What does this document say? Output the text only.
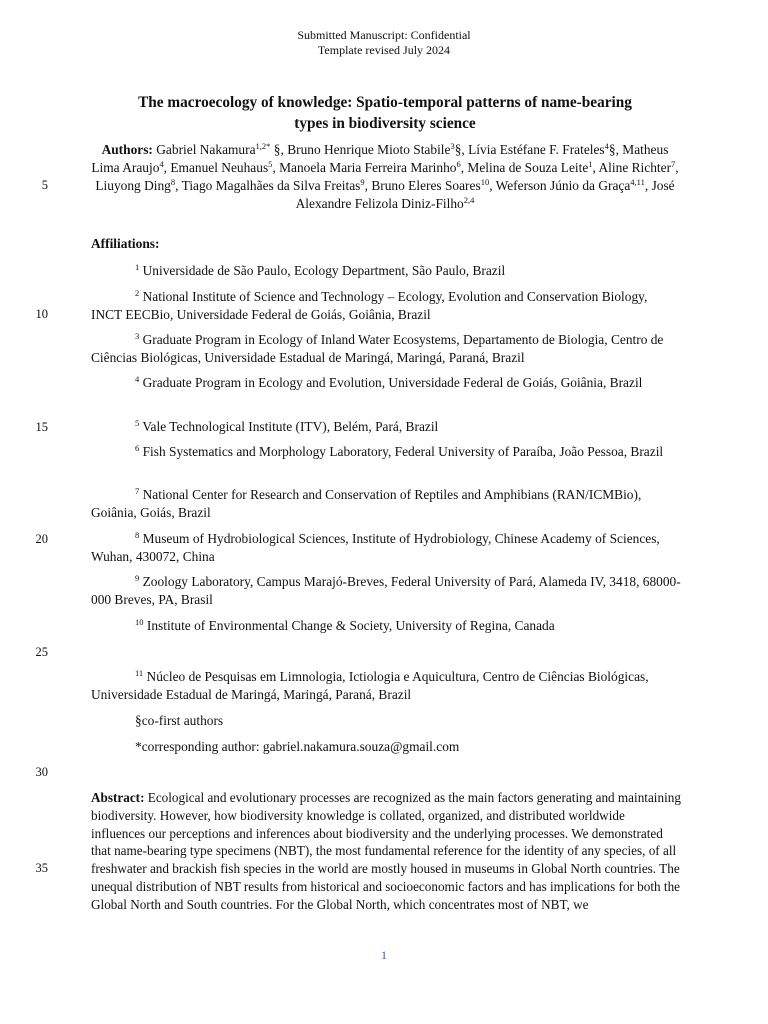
Submitted Manuscript: Confidential
Template revised July 2024
The macroecology of knowledge: Spatio-temporal patterns of name-bearing
types in biodiversity science
Authors: Gabriel Nakamura$^{1,2*}$ §, Bruno Henrique Mioto Stabile$^3$§, Lívia Estéfane F. Frateles$^4$§, Matheus Lima Araujo$^4$, Emanuel Neuhaus$^5$, Manoela Maria Ferreira Marinho$^6$, Melina de Souza Leite$^1$, Aline Richter$^7$, Liuyong Ding$^8$, Tiago Magalhães da Silva Freitas$^9$, Bruno Eleres Soares$^{10}$, Weferson Júnio da Graça$^{4,11}$, José Alexandre Felizola Diniz-Filho$^{2,4}$
5
10
15
20
25
30
35
Affiliations:
$^1$ Universidade de São Paulo, Ecology Department, São Paulo, Brazil
$^2$ National Institute of Science and Technology – Ecology, Evolution and Conservation Biology, INCT EECBio, Universidade Federal de Goiás, Goiânia, Brazil
$^3$ Graduate Program in Ecology of Inland Water Ecosystems, Departamento de Biologia, Centro de Ciências Biológicas, Universidade Estadual de Maringá, Maringá, Paraná, Brazil
$^4$ Graduate Program in Ecology and Evolution, Universidade Federal de Goiás, Goiânia, Brazil
$^5$ Vale Technological Institute (ITV), Belém, Pará, Brazil
$^6$ Fish Systematics and Morphology Laboratory, Federal University of Paraíba, João Pessoa, Brazil
$^7$ National Center for Research and Conservation of Reptiles and Amphibians (RAN/ICMBio), Goiânia, Goiás, Brazil
$^8$ Museum of Hydrobiological Sciences, Institute of Hydrobiology, Chinese Academy of Sciences, Wuhan, 430072, China
$^9$ Zoology Laboratory, Campus Marajó-Breves, Federal University of Pará, Alameda IV, 3418, 68000-000 Breves, PA, Brasil
$^{10}$ Institute of Environmental Change & Society, University of Regina, Canada
$^{11}$ Núcleo de Pesquisas em Limnologia, Ictiologia e Aquicultura, Centro de Ciências Biológicas, Universidade Estadual de Maringá, Maringá, Paraná, Brazil
§co-first authors
*corresponding author: gabriel.nakamura.souza@gmail.com
Abstract: Ecological and evolutionary processes are recognized as the main factors generating and maintaining biodiversity. However, how biodiversity knowledge is collated, organized, and distributed worldwide influences our perceptions and inferences about biodiversity and the underlying processes. We demonstrated that name-bearing type specimens (NBT), the most fundamental reference for the identity of any species, of all freshwater and brackish fish species in the world are mostly housed in museums in Global North countries. The unequal distribution of NBT results from historical and socioeconomic factors and has implications for both the Global North and South countries. For the Global North, which concentrates most of NBT, we
1
